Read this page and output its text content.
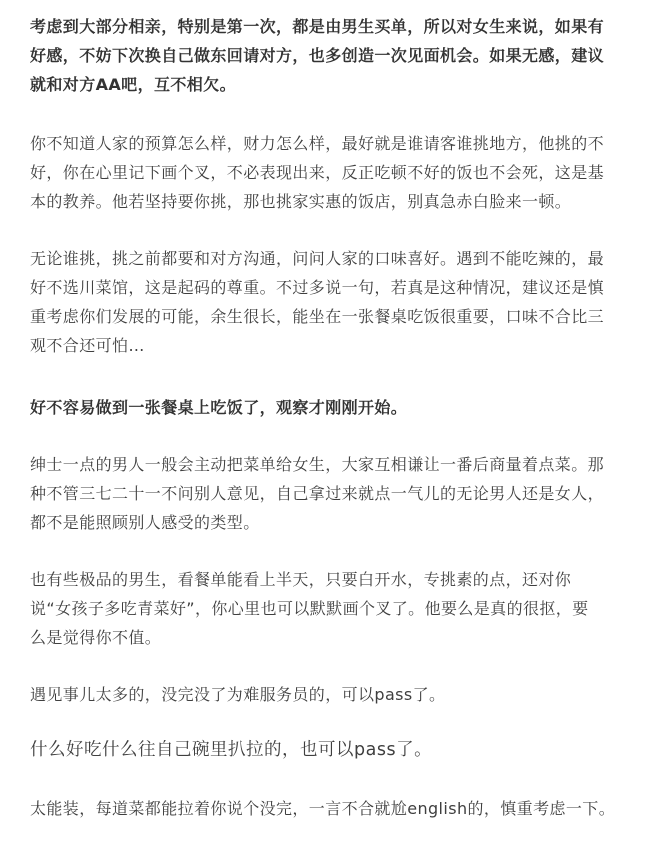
考虑到大部分相亲，特别是第一次，都是由男生买单，所以对女生来说，如果有
好感，不妨下次换自己做东回请对方，也多创造一次见面机会。如果无感，建议
就和对方AA吧，互不相欠。

你不知道人家的预算怎么样，财力怎么样，最好就是谁请客谁挑地方，他挑的不
好，你在心里记下画个叉，不必表现出来，反正吃顿不好的饭也不会死，这是基
本的教养。他若坚持要你挑，那也挑家实惠的饭店，别真急赤白脸来一顿。

无论谁挑，挑之前都要和对方沟通，问问人家的口味喜好。遇到不能吃辣的，最
好不选川菜馆，这是起码的尊重。不过多说一句，若真是这种情况，建议还是慎
重考虑你们发展的可能，余生很长，能坐在一张餐桌吃饭很重要，口味不合比三
观不合还可怕…

好不容易做到一张餐桌上吃饭了，观察才刚刚开始。

绅士一点的男人一般会主动把菜单给女生，大家互相谦让一番后商量着点菜。那
种不管三七二十一不问别人意见，自己拿过来就点一气儿的无论男人还是女人，
都不是能照顾别人感受的类型。

也有些极品的男生，看餐单能看上半天，只要白开水，专挑素的点，还对你
说“女孩子多吃青菜好”，你心里也可以默默画个叉了。他要么是真的很抠，要
么是觉得你不值。

遇见事儿太多的，没完没了为难服务员的，可以pass了。

什么好吃什么往自己碗里扒拉的，也可以pass了。

太能装，每道菜都能拉着你说个没完，一言不合就尬english的，慎重考虑一下。
